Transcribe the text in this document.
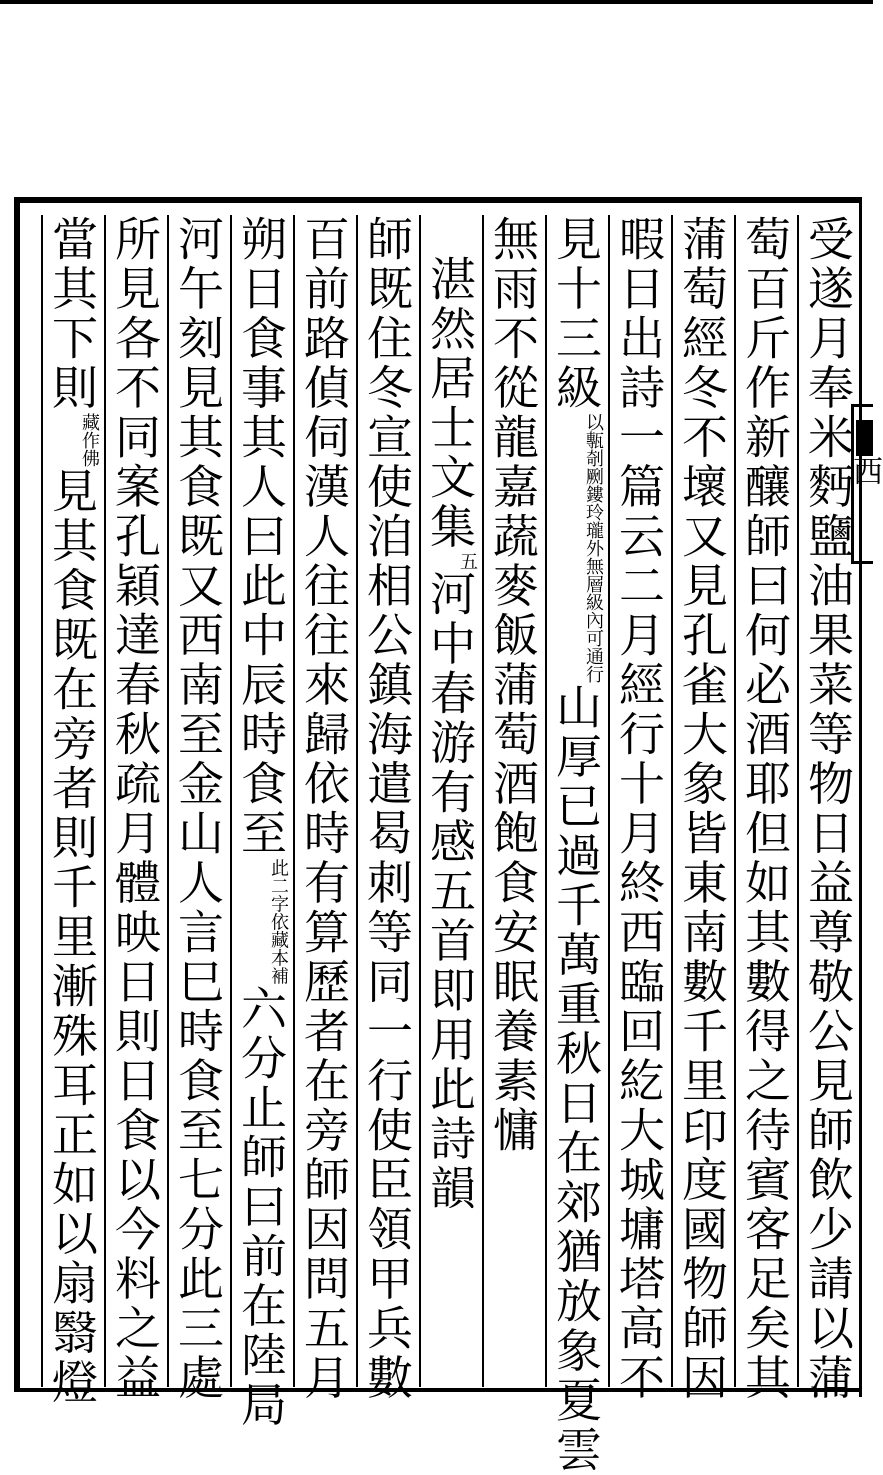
西
受遂月奉米麪鹽油果菜等物日益尊敬公見師飲少請以蒲
萄百斤作新釀師曰何必酒耶但如其數得之待賓客足矣其
蒲萄經冬不壞又見孔雀大象皆東南數千里印度國物師因
暇日出詩一篇云二月經行十月終西臨回紇大城墉塔高不
見十三級$^{以甎剞劂鏤玲瓏外無層級內可通行}$山厚已過千萬重秋日在郊猶放象夏雲
無雨不從龍嘉蔬麥飯蒲萄酒飽食安眠養素慵
湛然居士文集$^五$河中春游有感五首即用此詩韻
師既住冬宣使洎相公鎮海遣曷刺等同一行使臣領甲兵數
百前路偵伺漢人往往來歸依時有算歷者在旁師因問五月
朔日食事其人曰此中辰時食至$^{此二字依藏本補}$六分止師曰前在陸局
河午刻見其食既又西南至金山人言巳時食至七分此三處
所見各不同案孔穎達春秋疏月體映日則日食以今料之益
當其下則$^{藏作佛}$見其食既在旁者則千里漸殊耳正如以扇翳燈
